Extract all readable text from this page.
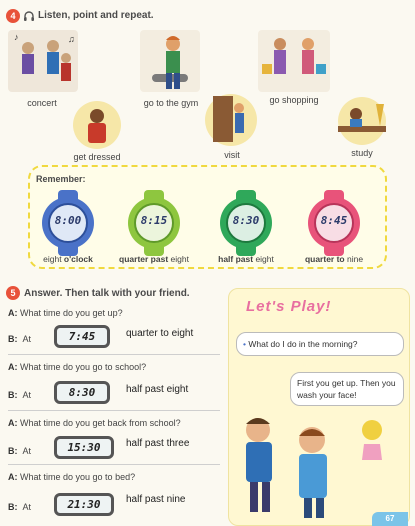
4	Listen, point and repeat.
♪	♫
concert	go to the gym	go shopping
get dressed	visit	study
Remember:
8:00
eight o'clock
8:15
quarter past eight
8:30
half past eight
8:45
quarter to nine
5 Answer. Then talk with your friend.
A: What time do you get up?
B: At	7:45	quarter to eight
A: What time do you go to school?
B: At	8:30	half past eight
A: What time do you get back from school?
B: At	15:30	half past three
A: What time do you go to bed?
B: At	21:30	half past nine
Let's Play!
• What do I do in the morning?
First you get up. Then you wash your face!
67
